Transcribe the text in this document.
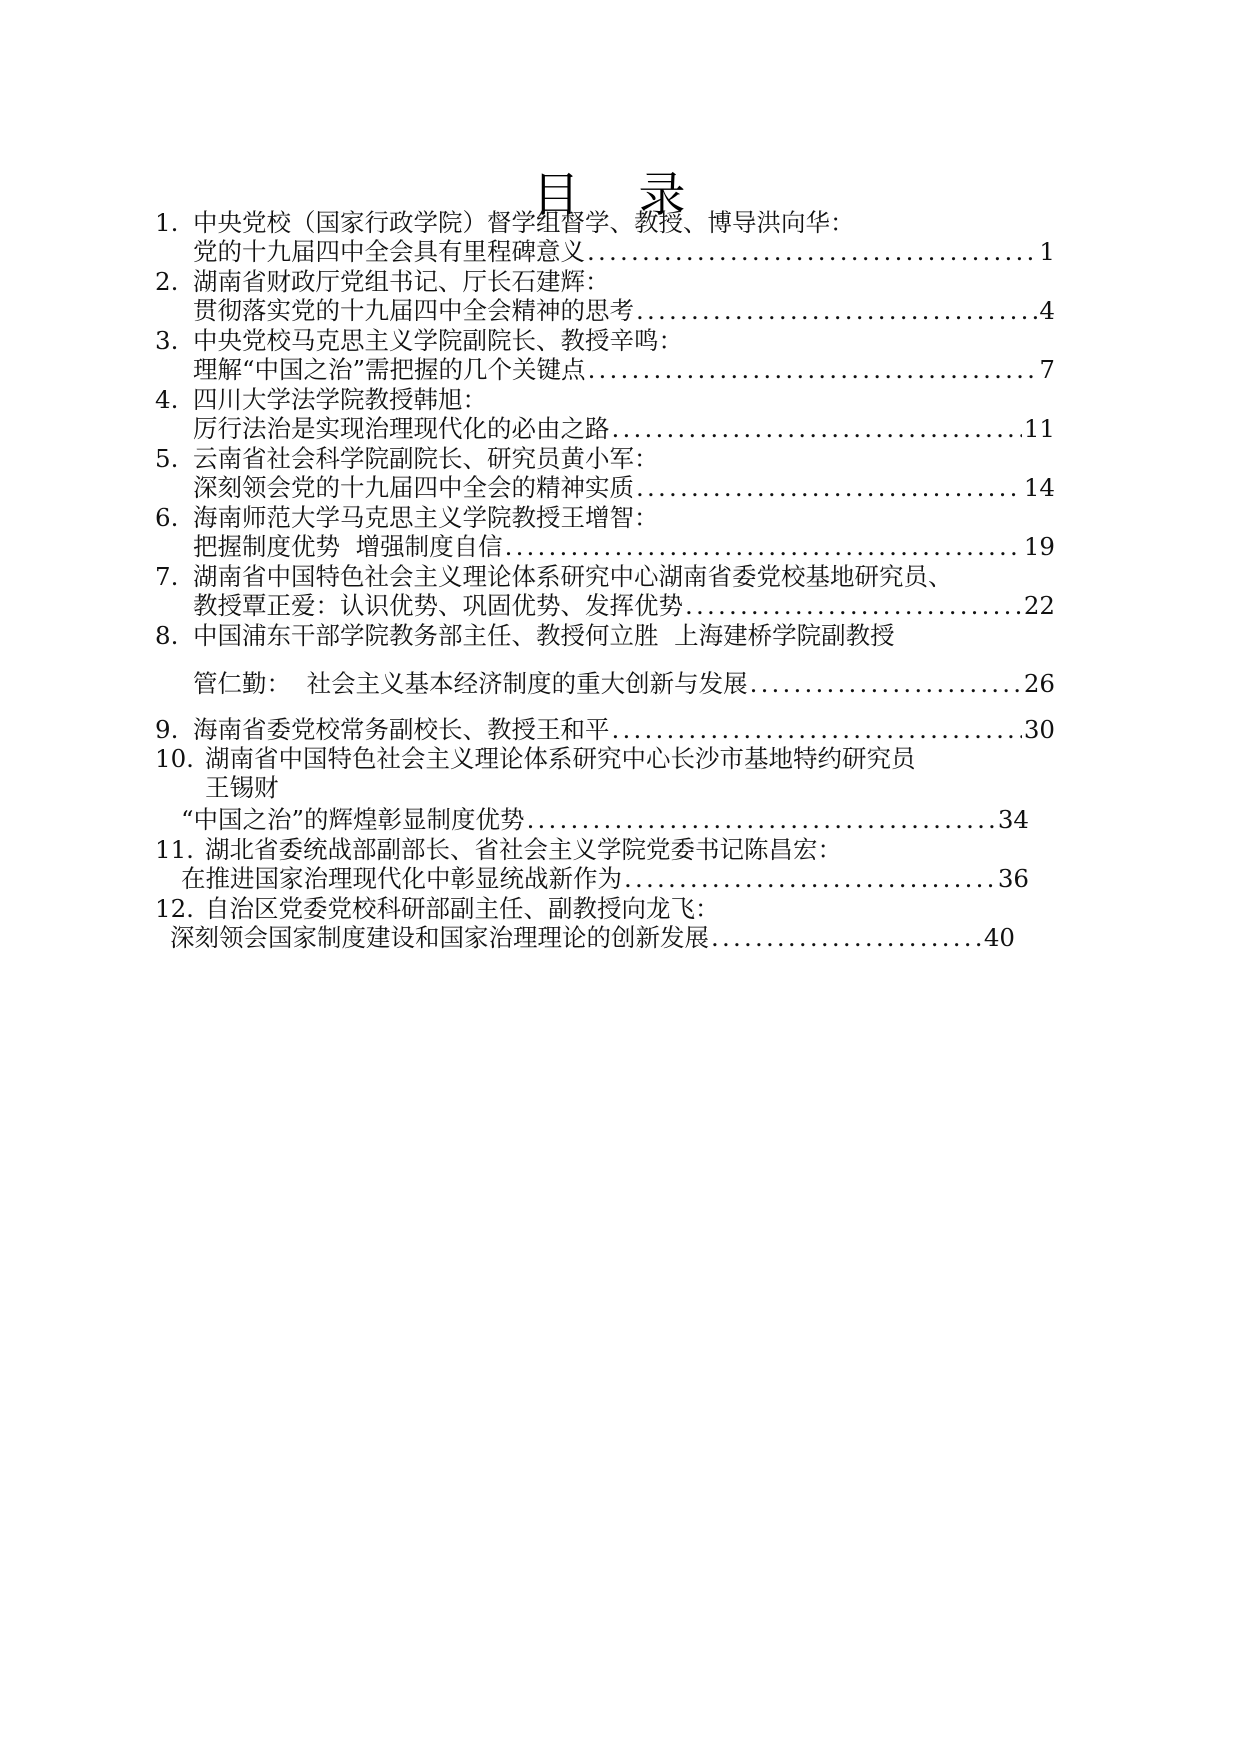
目 录
1. 中央党校（国家行政学院）督学组督学、教授、博导洪向华：
党的十九届四中全会具有里程碑意义 .....	1
2. 湖南省财政厅党组书记、厅长石建辉：
贯彻落实党的十九届四中全会精神的思考 .....	4
3. 中央党校马克思主义学院副院长、教授辛鸣：
理解“中国之治”需把握的几个关键点 .....	7
4. 四川大学法学院教授韩旭：
厉行法治是实现治理现代化的必由之路 .....	11
5. 云南省社会科学院副院长、研究员黄小军：
深刻领会党的十九届四中全会的精神实质 .....	14
6. 海南师范大学马克思主义学院教授王增智：
把握制度优势  增强制度自信 .....	19
7. 湖南省中国特色社会主义理论体系研究中心湖南省委党校基地研究员、
教授覃正爱：认识优势、巩固优势、发挥优势 .....	22
8. 中国浦东干部学院教务部主任、教授何立胜  上海建桥学院副教授
管仁勤：  社会主义基本经济制度的重大创新与发展 .....	26
9. 海南省委党校常务副校长、教授王和平 .....	30
10. 湖南省中国特色社会主义理论体系研究中心长沙市基地特约研究员
王锡财
“中国之治”的辉煌彰显制度优势 .....	34
11. 湖北省委统战部副部长、省社会主义学院党委书记陈昌宏：
在推进国家治理现代化中彰显统战新作为 .....	36
12. 自治区党委党校科研部副主任、副教授向龙飞：
深刻领会国家制度建设和国家治理理论的创新发展 .....	40
